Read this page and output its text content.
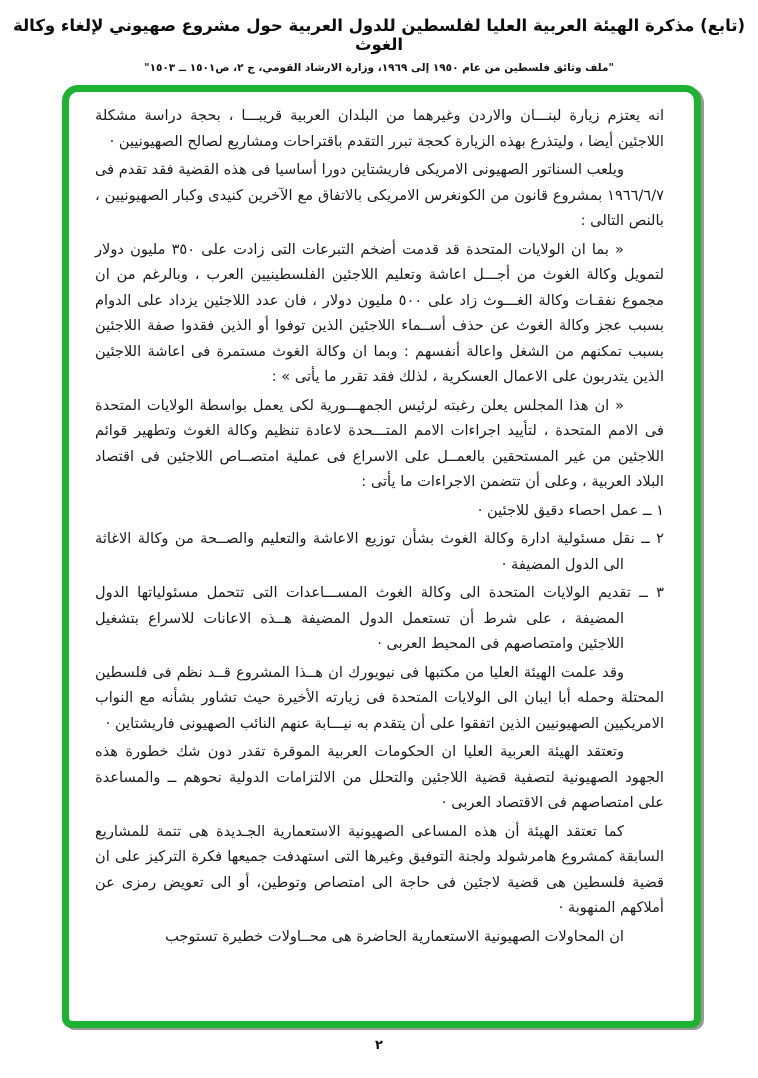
(تابع) مذكرة الهيئة العربية العليا لفلسطين للدول العربية حول مشروع صهيوني لإلغاء وكالة الغوث
"ملف وثائق فلسطين من عام ١٩٥٠ إلى ١٩٦٩، وزارة الارشاد القومي، ج ٢، ص١٥٠١ ــ ١٥٠٣"
انه يعتزم زيارة لبنـــان والاردن وغيرهما من البلدان العربية قريبـــا ، بحجة دراسة مشكلة اللاجئين أيضا ، وليتذرع بهذه الزيارة كحجة تبرر التقدم باقتراحات ومشاريع لصالح الصهيونيين ·
ويلعب السناتور الصهيونى الامريكى فاريشتاين دورا أساسيا فى هذه القضية فقد تقدم فى ١٩٦٦/٦/٧ بمشروع قانون من الكونغرس الامريكى بالاتفاق مع الآخرين كنيدى وكبار الصهيونيين ، بالنص التالى :
« بما ان الولايات المتحدة قد قدمت أضخم التبرعات التى زادت على ٣٥٠ مليون دولار لتمويل وكالة الغوث من أجـــل اعاشة وتعليم اللاجئين الفلسطينيين العرب ، وبالرغم من ان مجموع نفقـات وكالة الغـــوث زاد على ٥٠٠ مليون دولار ، فان عدد اللاجئين يزداد على الدوام بسبب عجز وكالة الغوث عن حذف أســماء اللاجئين الذين توفوا أو الذين فقدوا صفة اللاجئين بسبب تمكنهم من الشغل واعالة أنفسهم : وبما ان وكالة الغوث مستمرة فى اعاشة اللاجئين الذين يتدربون على الاعمال العسكرية ، لذلك فقد تقرر ما يأتى » :
« ان هذا المجلس يعلن رغبته لرئيس الجمهـــورية لكى يعمل بواسطة الولايات المتحدة فى الامم المتحدة ، لتأييد اجراءات الامم المتـــحدة لاعادة تنظيم وكالة الغوث وتطهير قوائم اللاجئين من غير المستحقين بالعمــل على الاسراع فى عملية امتصــاص اللاجئين فى اقتصاد البلاد العربية ، وعلى أن تتضمن الاجراءات ما يأتى :
١ ــ عمل احصاء دقيق للاجئين ·
٢ ــ نقل مسئولية ادارة وكالة الغوث بشأن توزيع الاعاشة والتعليم والصــحة من وكالة الاغاثة الى الدول المضيفة ·
٣ ــ تقديم الولايات المتحدة الى وكالة الغوث المســـاعدات التى تتحمل مسئولياتها الدول المضيفة ، على شرط أن تستعمل الدول المضيفة هــذه الاعانات للاسراع بتشغيل اللاجئين وامتصاصهم فى المحيط العربى ·
وقد علمت الهيئة العليا من مكتبها فى نيويورك ان هــذا المشروع قــد نظم فى فلسطين المحتلة وحمله أبا ايبان الى الولايات المتحدة فى زيارته الأخيرة حيث تشاور بشأنه مع النواب الامريكيين الصهيونيين الذين اتفقوا على أن يتقدم به نيـــابة عنهم النائب الصهيونى فاريشتاين ·
وتعتقد الهيئة العربية العليا ان الحكومات العربية الموقرة تقدر دون شك خطورة هذه الجهود الصهيونية لتصفية قضية اللاجئين والتحلل من الالتزامات الدولية نحوهم ــ والمساعدة على امتصاصهم فى الاقتصاد العربى ·
كما تعتقد الهيئة أن هذه المساعى الصهيونية الاستعمارية الجـديدة هى تتمة للمشاريع السابقة كمشروع هامرشولد ولجنة التوفيق وغيرها التى استهدفت جميعها فكرة التركيز على ان قضية فلسطين هى قضية لاجئين فى حاجة الى امتصاص وتوطين، أو الى تعويض رمزى عن أملاكهم المنهوبة ·
ان المحاولات الصهيونية الاستعمارية الحاضرة هى محــاولات خطيرة تستوجب
٢
